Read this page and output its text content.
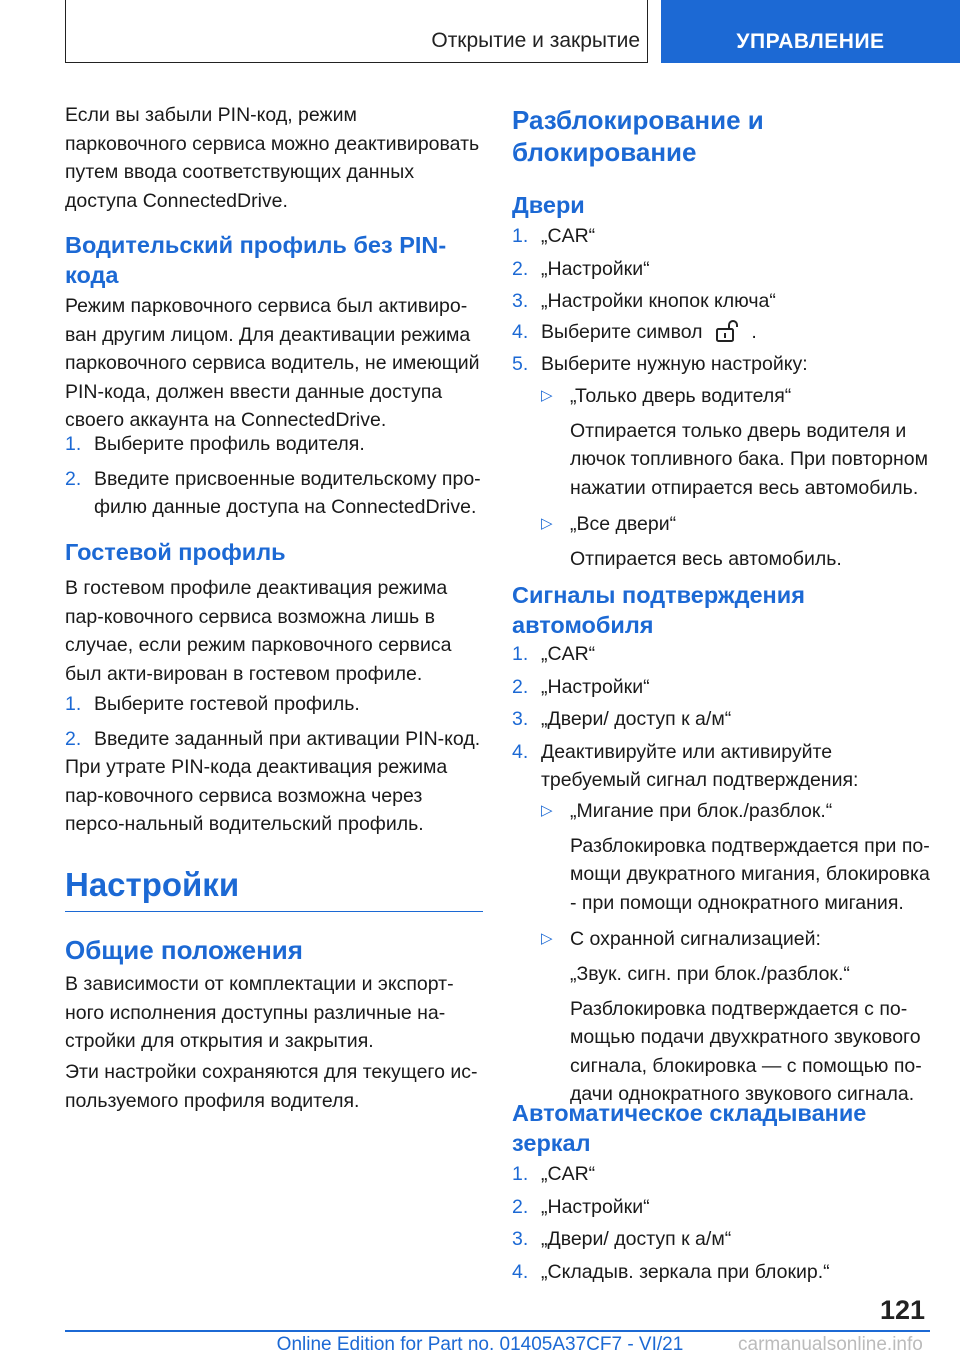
Открытие и закрытие	УПРАВЛЕНИЕ

Если вы забыли PIN-код, режим парковочного сервиса можно деактивировать путем ввода соответствующих данных доступа ConnectedDrive.

Водительский профиль без PIN-кода

Режим парковочного сервиса был активиро-ван другим лицом. Для деактивации режима парковочного сервиса водитель, не имеющий PIN-кода, должен ввести данные доступа своего аккаунта на ConnectedDrive.

1. Выберите профиль водителя.
2. Введите присвоенные водительскому про-филю данные доступа на ConnectedDrive.
Гостевой профиль

В гостевом профиле деактивация режима пар-ковочного сервиса возможна лишь в случае, если режим парковочного сервиса был акти-вирован в гостевом профиле.

1. Выберите гостевой профиль.
2. Введите заданный при активации PIN-код.

При утрате PIN-кода деактивация режима пар-ковочного сервиса возможна через персо-нальный водительский профиль.

Настройки
Общие положения

В зависимости от комплектации и экспорт-ного исполнения доступны различные на-стройки для открытия и закрытия.

Эти настройки сохраняются для текущего ис-пользуемого профиля водителя.

Разблокирование и блокирование
Двери
1. „CAR“
2. „Настройки“
3. „Настройки кнопок ключа“
4. Выберите символ	.
5. Выберите нужную настройку:
▷ „Только дверь водителя“
Отпирается только дверь водителя и лючок топливного бака. При повторном нажатии отпирается весь автомобиль.
▷ „Все двери“
Отпирается весь автомобиль.
Сигналы подтверждения автомобиля
1. „CAR“
2. „Настройки“
3. „Двери/ доступ к а/м“
4. Деактивируйте или активируйте требуемый сигнал подтверждения:
▷ „Мигание при блок./разблок.“
Разблокировка подтверждается при по-мощи двукратного мигания, блокировка - при помощи однократного мигания.
▷ С охранной сигнализацией:
„Звук. сигн. при блок./разблок.“
Разблокировка подтверждается с по-мощью подачи двухкратного звукового сигнала, блокировка — с помощью по-дачи однократного звукового сигнала.
Автоматическое складывание зеркал
1. „CAR“
2. „Настройки“
3. „Двери/ доступ к а/м“
4. „Складыв. зеркала при блокир.“
121
Online Edition for Part no. 01405A37CF7 - VI/21	carmanualsonline.info
